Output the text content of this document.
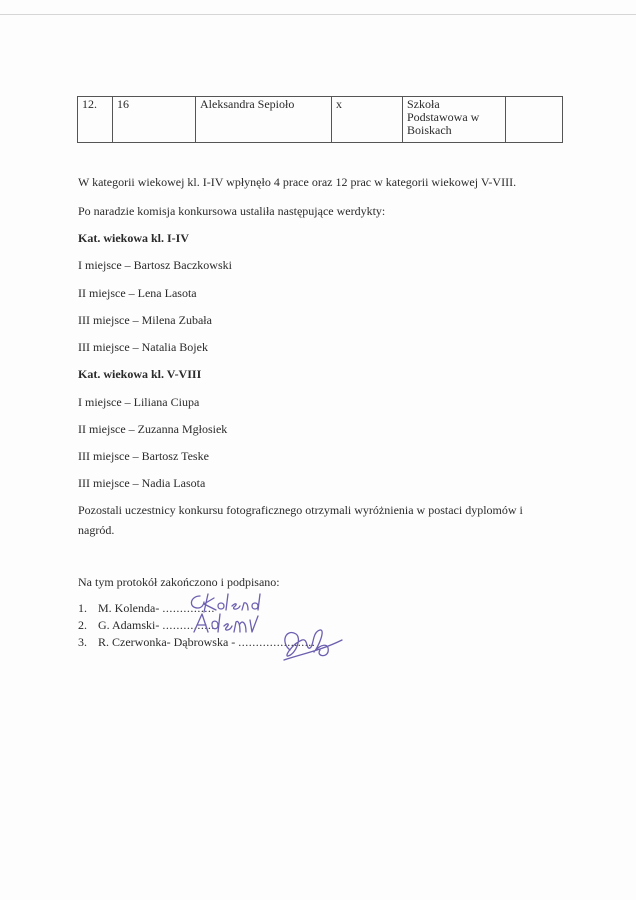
12.	16	Aleksandra Sepioło	x	Szkoła Podstawowa w Boiskach	
W kategorii wiekowej kl. I-IV wpłynęło 4 prace oraz 12 prac w kategorii wiekowej V-VIII.
Po naradzie komisja konkursowa ustaliła następujące werdykty:
Kat. wiekowa kl. I-IV
I miejsce – Bartosz Baczkowski
II miejsce – Lena Lasota
III miejsce – Milena Zubała
III miejsce – Natalia Bojek
Kat. wiekowa kl. V-VIII
I miejsce – Liliana Ciupa
II miejsce – Zuzanna Mgłosiek
III miejsce – Bartosz Teske
III miejsce – Nadia Lasota
Pozostali uczestnicy konkursu fotograficznego otrzymali wyróżnienia w postaci dyplomów i nagród.
Na tym protokół zakończono i podpisano:
1. M. Kolenda- ...............
2. G. Adamski- ...............
3. R. Czerwonka- Dąbrowska - ......................
